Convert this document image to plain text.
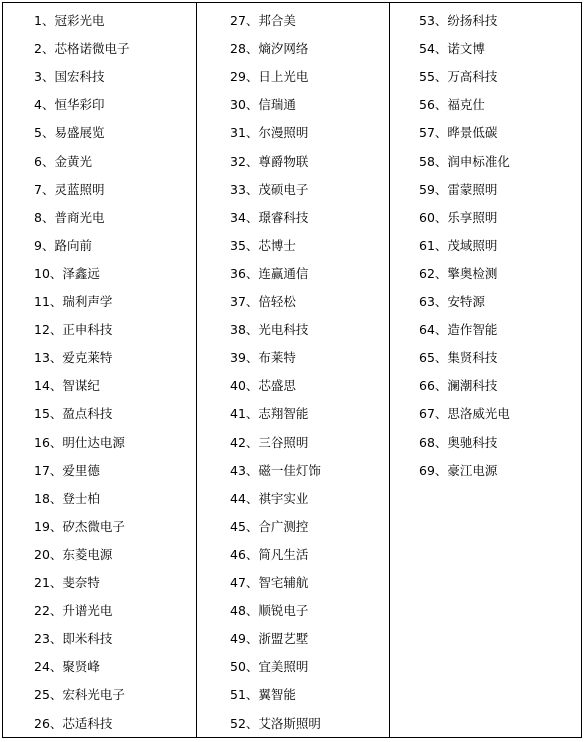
1、冠彩光电
2、芯格诺微电子
3、国宏科技
4、恒华彩印
5、易盛展览
6、金黄光
7、灵蓝照明
8、普商光电
9、路向前
10、泽鑫远
11、瑞利声学
12、正申科技
13、爱克莱特
14、智谋纪
15、盈点科技
16、明仕达电源
17、爱里德
18、登士柏
19、矽杰微电子
20、东菱电源
21、斐奈特
22、升谱光电
23、即米科技
24、聚贤峰
25、宏科光电子
26、芯适科技
27、邦合美
28、熵汐网络
29、日上光电
30、信瑞通
31、尔漫照明
32、尊爵物联
33、茂硕电子
34、璟睿科技
35、芯博士
36、连赢通信
37、倍轻松
38、光电科技
39、布莱特
40、芯盛思
41、志翔智能
42、三谷照明
43、磁一佳灯饰
44、祺宇实业
45、合广测控
46、简凡生活
47、智宅辅航
48、顺锐电子
49、浙盟艺墅
50、宜美照明
51、翼智能
52、艾洛斯照明
53、纷扬科技
54、诺文博
55、万高科技
56、福克仕
57、晔景低碳
58、润申标准化
59、雷蒙照明
60、乐享照明
61、茂域照明
62、擎奥检测
63、安特源
64、造作智能
65、集贤科技
66、澜潮科技
67、思洛威光电
68、奥驰科技
69、豪江电源
